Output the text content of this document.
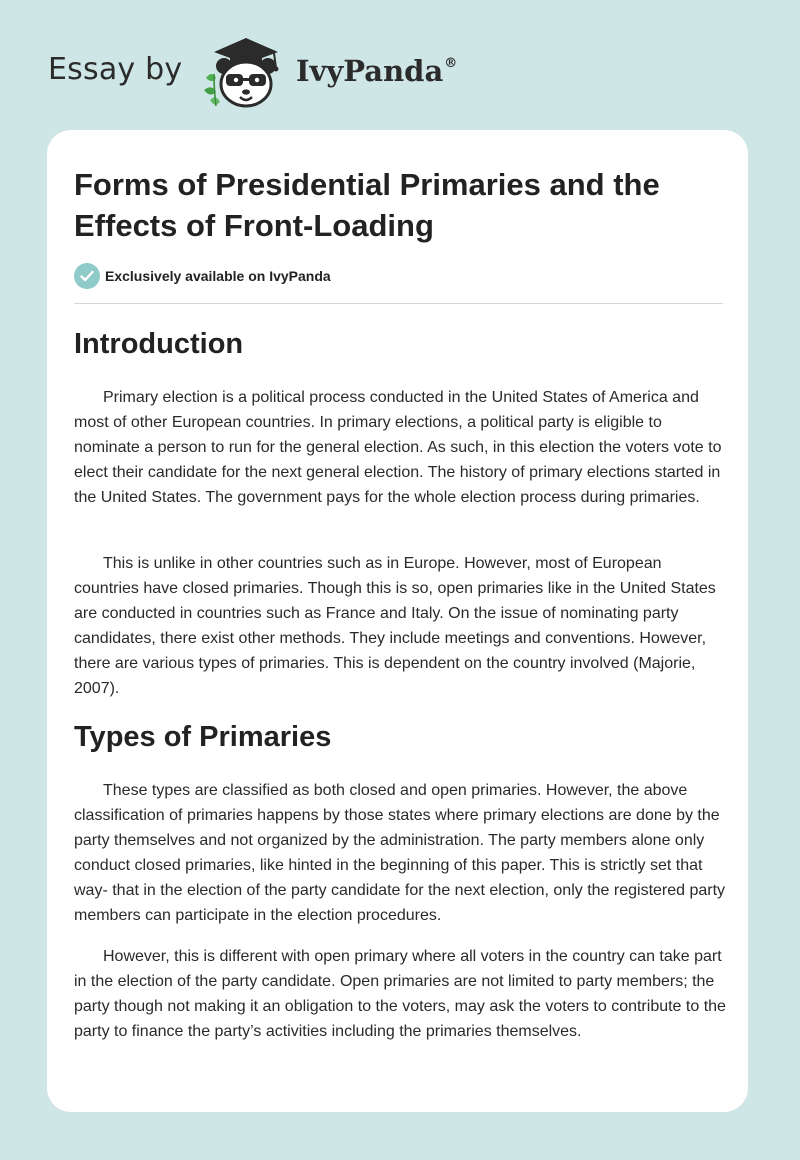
Essay by	IvyPanda®
Forms of Presidential Primaries and the Effects of Front-Loading
Exclusively available on IvyPanda
Introduction

Primary election is a political process conducted in the United States of America and most of other European countries. In primary elections, a political party is eligible to nominate a person to run for the general election. As such, in this election the voters vote to elect their candidate for the next general election. The history of primary elections started in the United States. The government pays for the whole election process during primaries.

This is unlike in other countries such as in Europe. However, most of European countries have closed primaries. Though this is so, open primaries like in the United States are conducted in countries such as France and Italy. On the issue of nominating party candidates, there exist other methods. They include meetings and conventions. However, there are various types of primaries. This is dependent on the country involved (Majorie, 2007).

Types of Primaries

These types are classified as both closed and open primaries. However, the above classification of primaries happens by those states where primary elections are done by the party themselves and not organized by the administration. The party members alone only conduct closed primaries, like hinted in the beginning of this paper. This is strictly set that way- that in the election of the party candidate for the next election, only the registered party members can participate in the election procedures.

However, this is different with open primary where all voters in the country can take part in the election of the party candidate. Open primaries are not limited to party members; the party though not making it an obligation to the voters, may ask the voters to contribute to the party to finance the party’s activities including the primaries themselves.
